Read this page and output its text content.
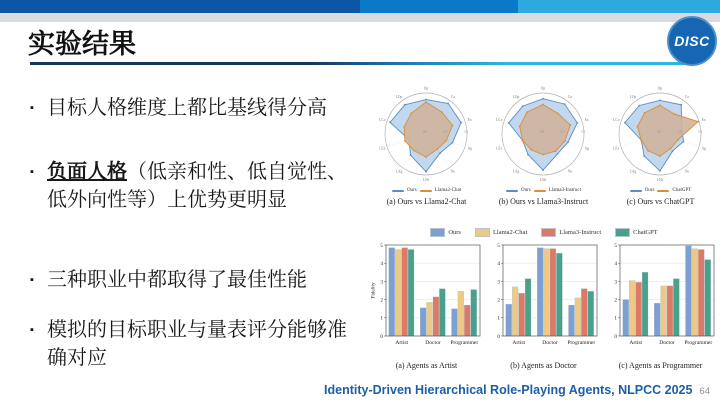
实验结果	DISC
▪ 目标人格维度上都比基线得分高
▪ 负面人格（低亲和性、低自觉性、低外向性等）上优势更明显
▪ 三种职业中都取得了最佳性能
▪ 模拟的目标职业与量表评分能够准确对应
Op
Co
Ex
Ag
Ne
LNe
LAg
LEx
LCo
LOp
0.0	2.5	5.0
Ours	Llama2-Chat
(a) Ours vs Llama2-Chat
Op
Co
Ex
Ag
Ne
LNe
LAg
LEx
LCo
LOp
0.0	2.5	5.0
Ours	Llama3-Instruct
(b) Ours vs Llama3-Instruct
Op
Co
Ex
Ag
Ne
LNe
LAg
LEx
LCo
LOp
0.0	2.5	5.0
Ours	ChatGPT
(c) Ours vs ChatGPT
Ours	Llama2-Chat	Llama3-Instruct	ChatGPT
0
1
2
3
4
5
Artist	Doctor Programmer
Fidelity
(a) Agents as Artist
0
1
2
3
4
5
Artist	Doctor Programmer
(b) Agents as Doctor
0
1
2
3
4
5
Artist	Doctor Programmer
(c) Agents as Programmer
Identity-Driven Hierarchical Role-Playing Agents, NLPCC 2025 64
